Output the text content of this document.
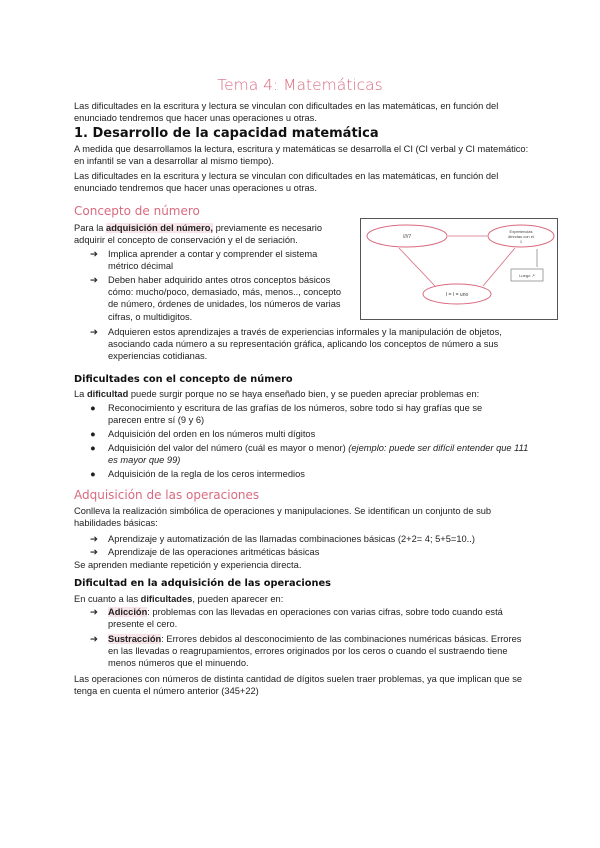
Tema 4: Matemáticas

Las dificultades en la escritura y lectura se vinculan con dificultades en las matemáticas, en función del enunciado tendremos que hacer unas operaciones u otras.

1. Desarrollo de la capacidad matemática

A medida que desarrollamos la lectura, escritura y matemáticas se desarrolla el CI (CI verbal y CI matemático: en infantil se van a desarrollar al mismo tiempo).

Las dificultades en la escritura y lectura se vinculan con dificultades en las matemáticas, en función del enunciado tendremos que hacer unas operaciones u otras.

Concepto de número

Para la adquisición del número, previamente es necesario adquirir el concepto de conservación y el de seriación.

➔ Implica aprender a contar y comprender el sistema métrico décimal

➔ Deben haber adquirido antes otros conceptos básicos cómo: mucho/poco, demasiado, más, menos.., concepto de número, órdenes de unidades, los números de varias cifras, o multidigitos.

➔ Adquieren estos aprendizajes a través de experiencias informales y la manipulación de objetos, asociando cada número a su representación gráfica, aplicando los conceptos de número a sus experiencias cotidianas.

////7
Experiencias
directas con el
1
I = I = uno
Luego ↗
Dificultades con el concepto de número

La dificultad puede surgir porque no se haya enseñado bien, y se pueden apreciar problemas en:

● Reconocimiento y escritura de las grafías de los números, sobre todo si hay grafías que se parecen entre sí (9 y 6)

● Adquisición del orden en los números multi dígitos

● Adquisición del valor del número (cuál es mayor o menor) (ejemplo: puede ser difícil entender que 111 es mayor que 99)

● Adquisición de la regla de los ceros intermedios

Adquisición de las operaciones

Conlleva la realización simbólica de operaciones y manipulaciones. Se identifican un conjunto de sub habilidades básicas:

➔ Aprendizaje y automatización de las llamadas combinaciones básicas (2+2= 4; 5+5=10..)

➔ Aprendizaje de las operaciones aritméticas básicas

Se aprenden mediante repetición y experiencia directa.

Dificultad en la adquisición de las operaciones

En cuanto a las dificultades, pueden aparecer en:

➔ Adicción: problemas con las llevadas en operaciones con varias cifras, sobre todo cuando está presente el cero.

➔ Sustracción: Errores debidos al desconocimiento de las combinaciones numéricas básicas. Errores en las llevadas o reagrupamientos, errores originados por los ceros o cuando el sustraendo tiene menos números que el minuendo.

Las operaciones con números de distinta cantidad de dígitos suelen traer problemas, ya que implican que se tenga en cuenta el número anterior (345+22)
